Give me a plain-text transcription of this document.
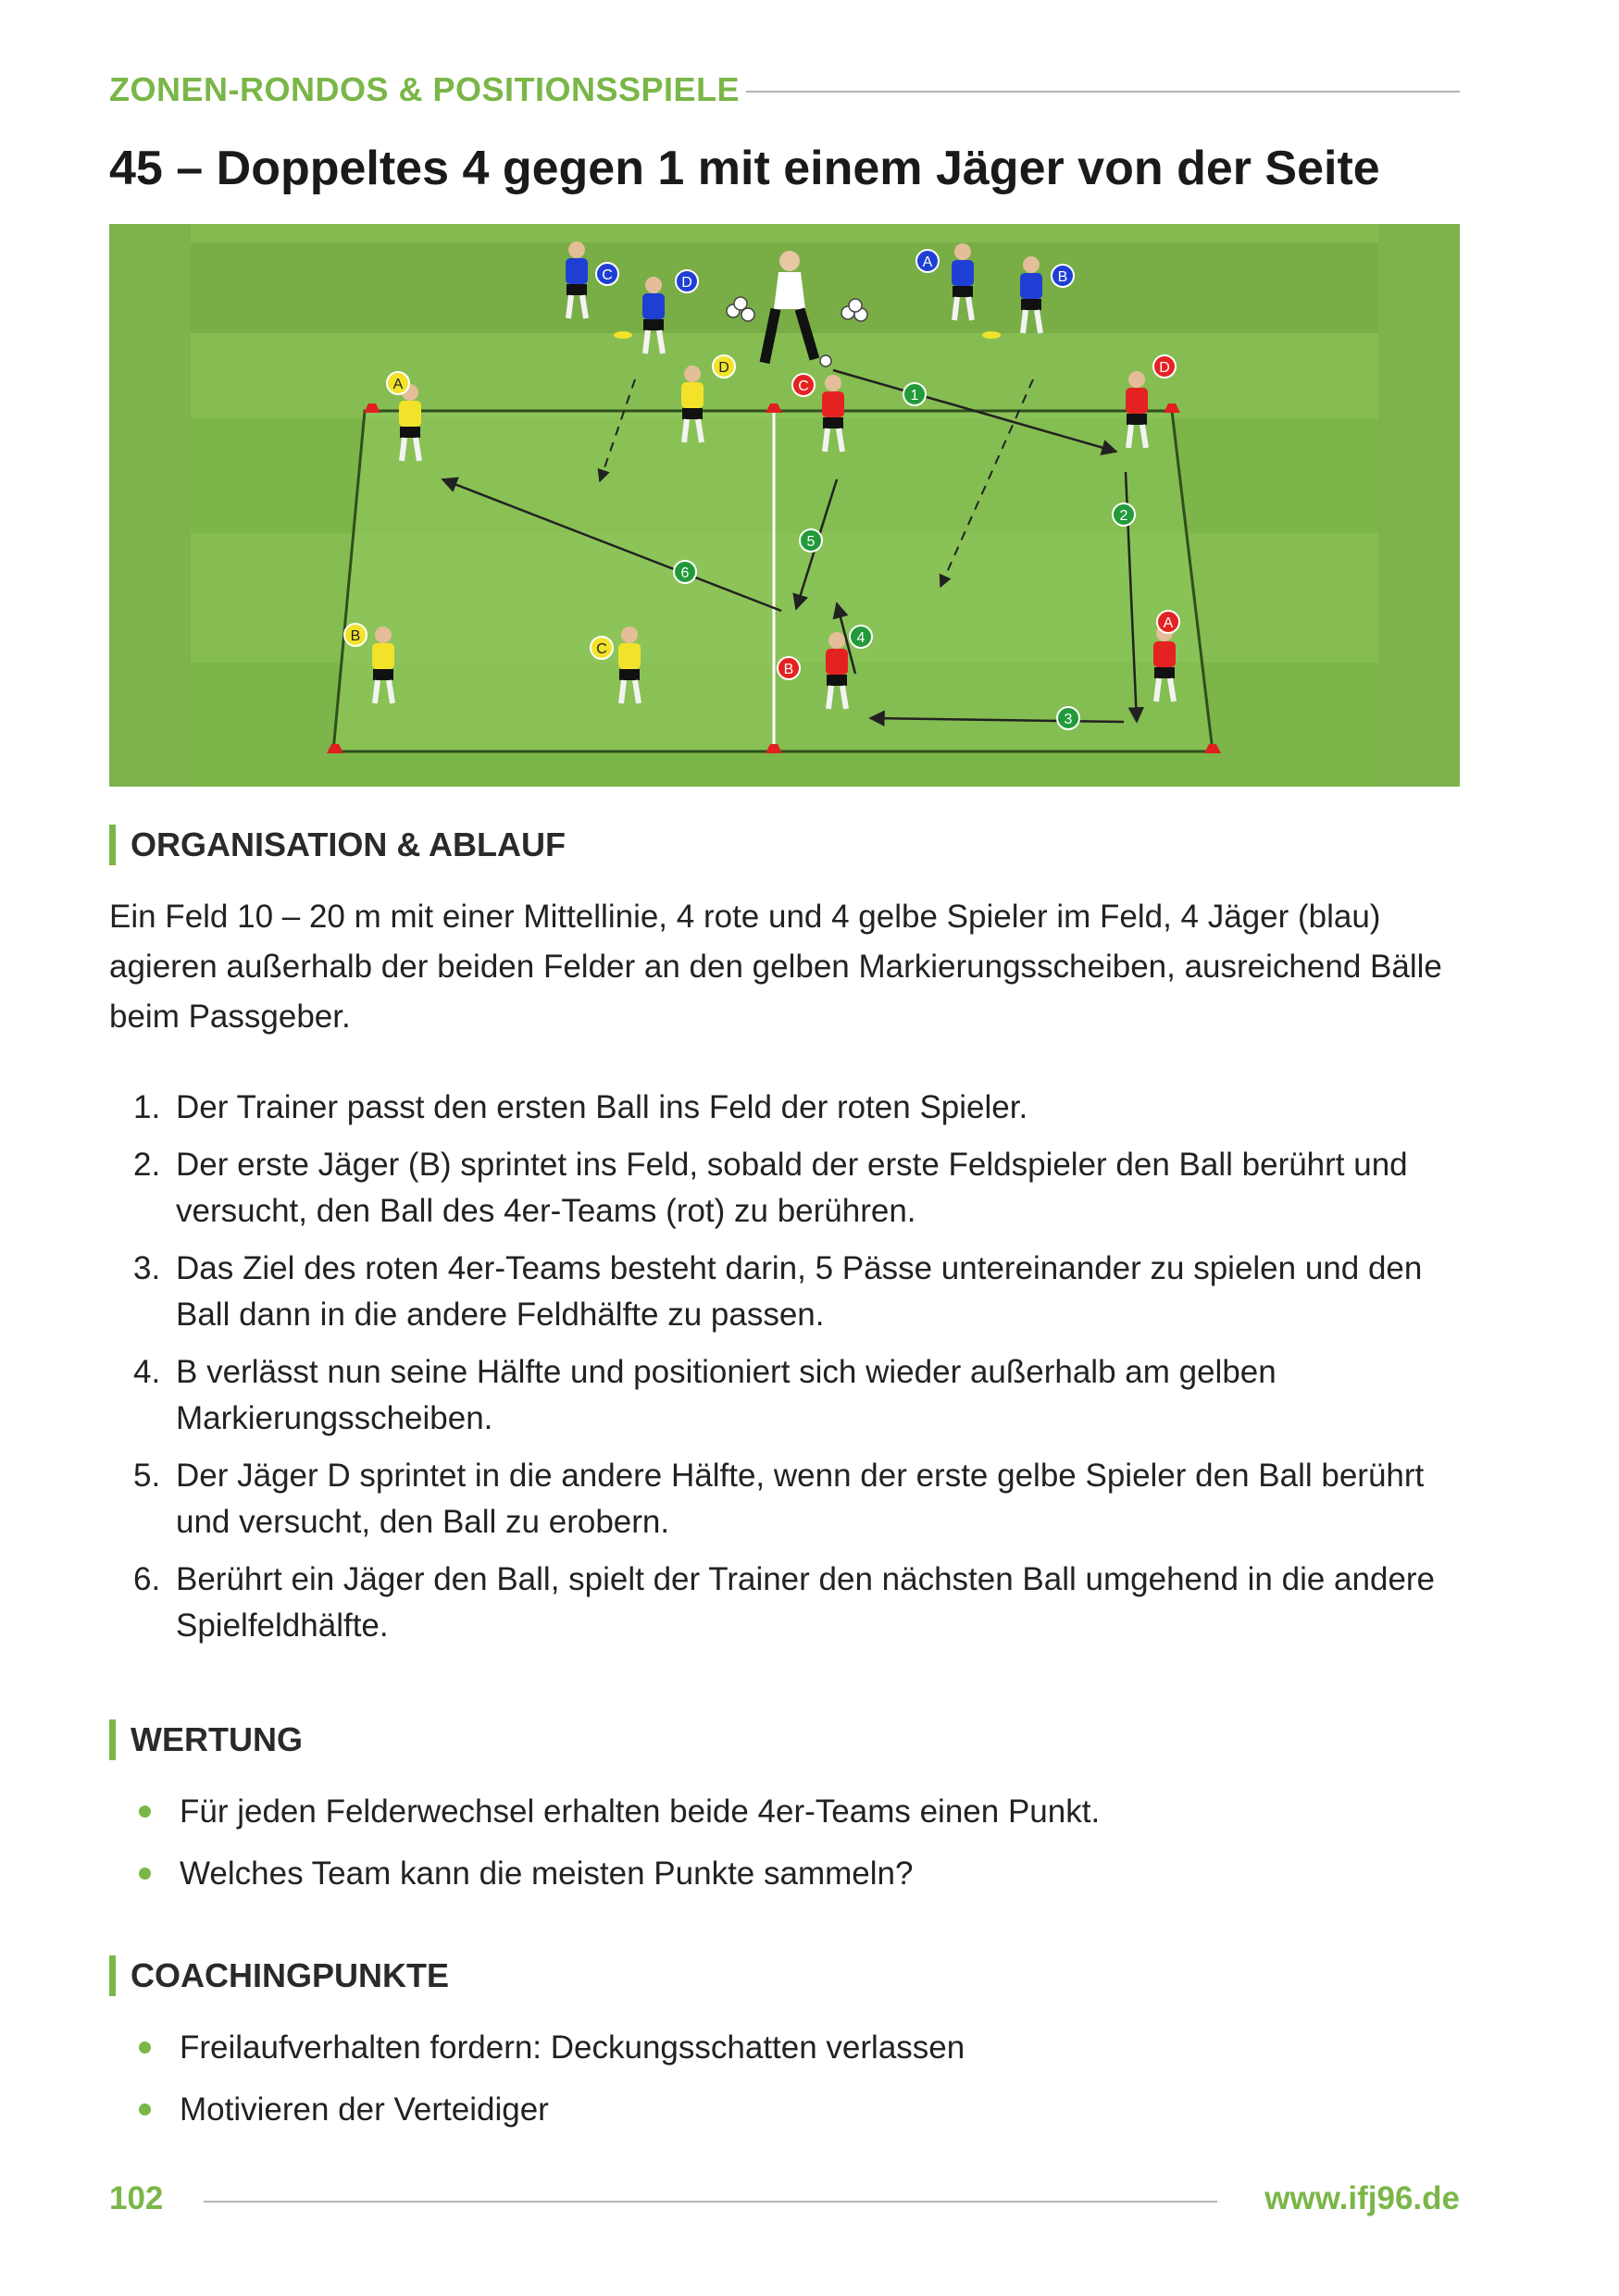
ZONEN-RONDOS & POSITIONSSPIELE
45 – Doppeltes 4 gegen 1 mit einem Jäger von der Seite
C	D
A
B
A
D
B
C
C
D
B
A
1
2
3
4
5
6
ORGANISATION & ABLAUF

Ein Feld 10 – 20 m mit einer Mittellinie, 4 rote und 4 gelbe Spieler im Feld, 4 Jäger (blau) agieren außerhalb der beiden Felder an den gelben Markierungsscheiben, ausreichend Bälle beim Passgeber.

1. Der Trainer passt den ersten Ball ins Feld der roten Spieler.
2. Der erste Jäger (B) sprintet ins Feld, sobald der erste Feldspieler den Ball berührt und versucht, den Ball des 4er-Teams (rot) zu berühren.
3. Das Ziel des roten 4er-Teams besteht darin, 5 Pässe untereinander zu spielen und den Ball dann in die andere Feldhälfte zu passen.
4. B verlässt nun seine Hälfte und positioniert sich wieder außerhalb am gelben Markierungsscheiben.
5. Der Jäger D sprintet in die andere Hälfte, wenn der erste gelbe Spieler den Ball berührt und versucht, den Ball zu erobern.
6. Berührt ein Jäger den Ball, spielt der Trainer den nächsten Ball umgehend in die andere Spielfeldhälfte.
WERTUNG
Für jeden Felderwechsel erhalten beide 4er-Teams einen Punkt.
Welches Team kann die meisten Punkte sammeln?
COACHINGPUNKTE
Freilaufverhalten fordern: Deckungsschatten verlassen
Motivieren der Verteidiger
102	www.ifj96.de
